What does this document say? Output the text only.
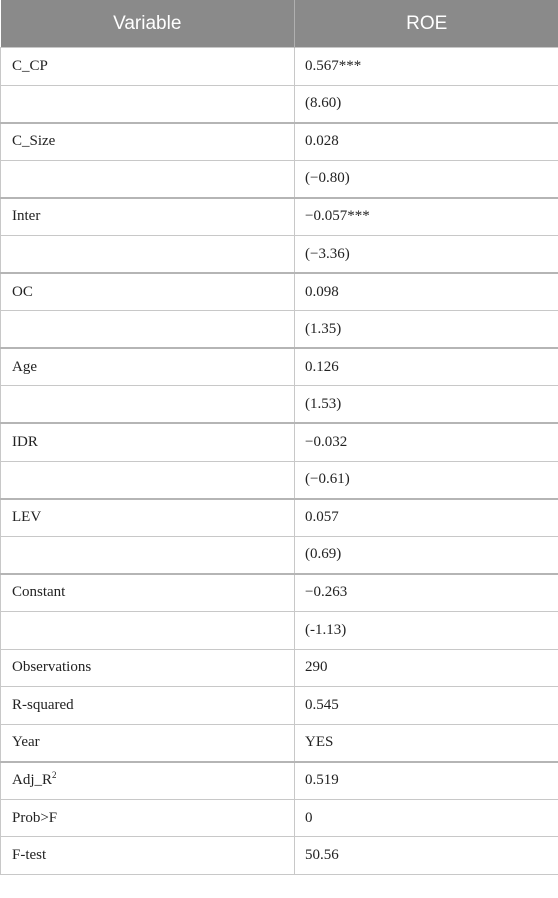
Variable	ROE
C_CP	0.567***
	(8.60)
C_Size	0.028
	(−0.80)
Inter	−0.057***
	(−3.36)
OC	0.098
	(1.35)
Age	0.126
	(1.53)
IDR	−0.032
	(−0.61)
LEV	0.057
	(0.69)
Constant	−0.263
	(-1.13)
Observations	290
R-squared	0.545
Year	YES
$Adj\_R^2$	0.519
Prob>F	0
F-test	50.56
